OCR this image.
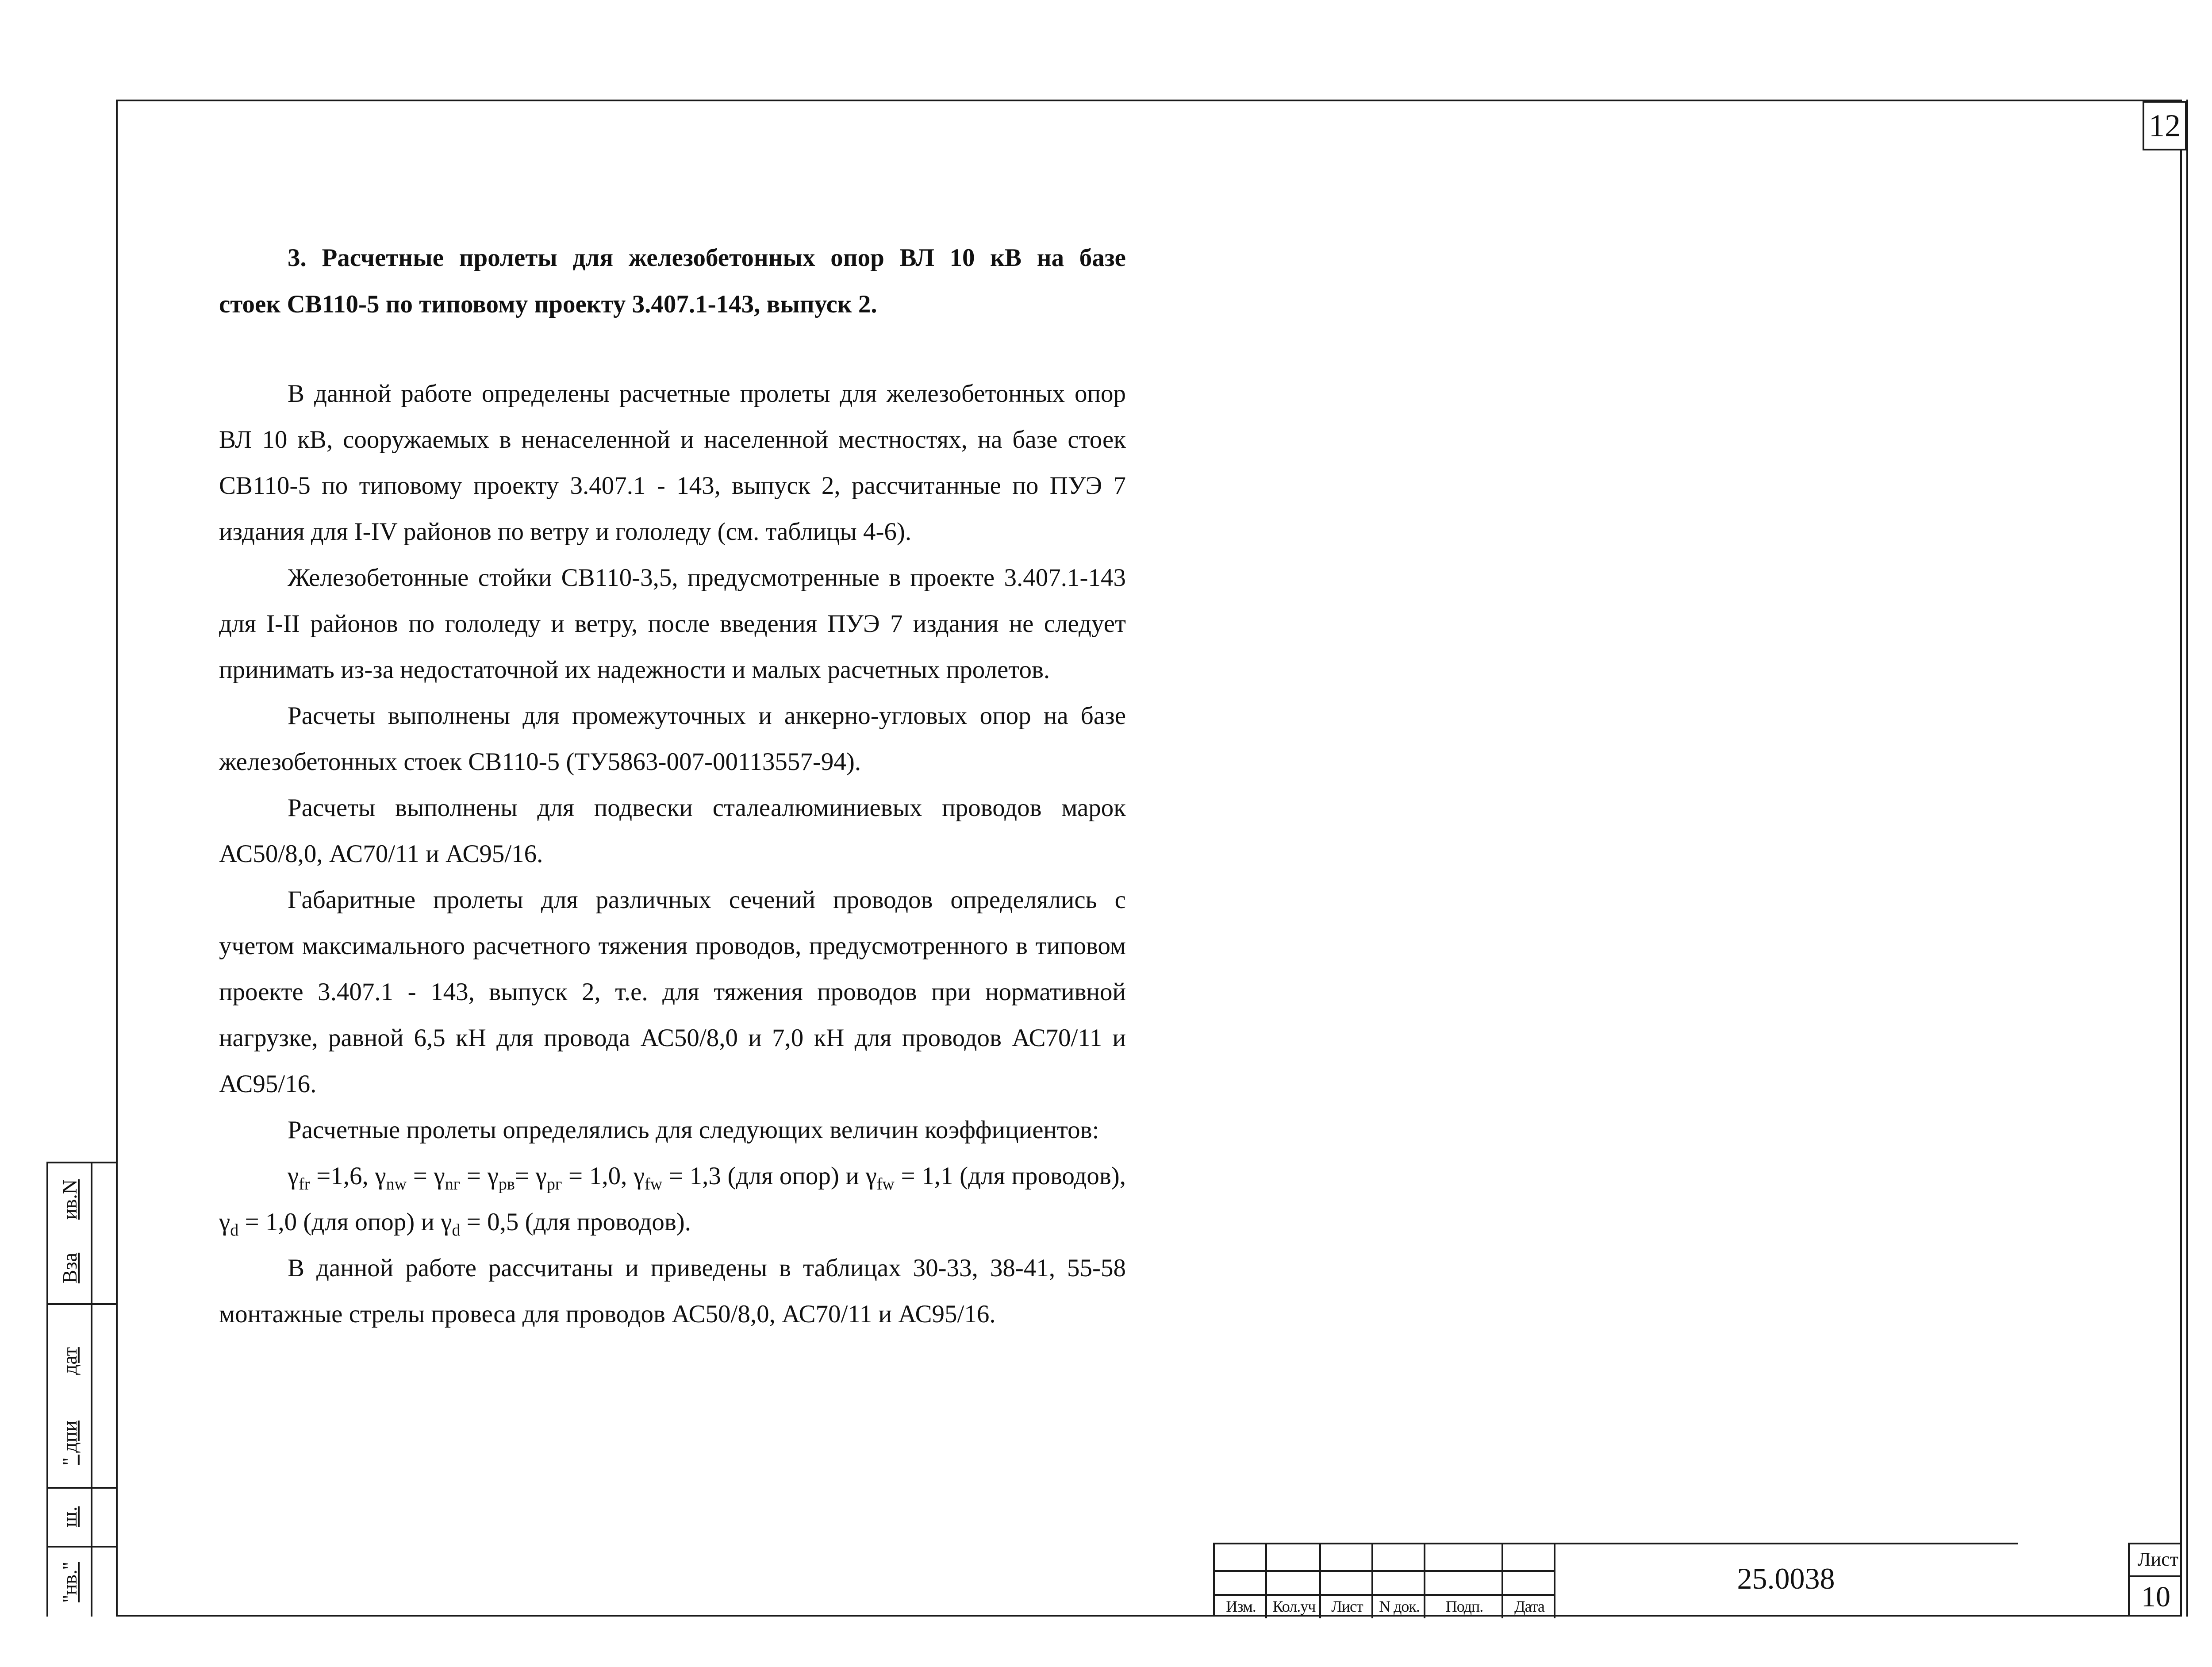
12
3. Расчетные пролеты для железобетонных опор ВЛ 10 кВ на базе
стоек СВ110-5 по типовому проекту 3.407.1-143, выпуск 2.

В данной работе определены расчетные пролеты для железобетонных опор ВЛ 10 кВ, сооружаемых в ненаселенной и населенной местностях, на базе стоек СВ110-5 по типовому проекту 3.407.1 - 143, выпуск 2, рассчитанные по ПУЭ 7 издания для I-IV районов по ветру и гололеду (см. таблицы 4-6).

Железобетонные стойки СВ110-3,5, предусмотренные в проекте 3.407.1-143 для I-II районов по гололеду и ветру, после введения ПУЭ 7 издания не следует принимать из-за недостаточной их надежности и малых расчетных пролетов.

Расчеты выполнены для промежуточных и анкерно-угловых опор на базе железобетонных стоек СВ110-5 (ТУ5863-007-00113557-94).

Расчеты выполнены для подвески сталеалюминиевых проводов марок АС50/8,0, АС70/11 и АС95/16.

Габаритные пролеты для различных сечений проводов определялись с учетом максимального расчетного тяжения проводов, предусмотренного в типовом проекте 3.407.1 - 143, выпуск 2, т.е. для тяжения проводов при нормативной нагрузке, равной 6,5 кН для провода АС50/8,0 и 7,0 кН для проводов АС70/11 и АС95/16.

Расчетные пролеты определялись для следующих величин коэффициентов:

$\gamma_{fr} =1,6$, $\gamma_{nw} = \gamma_{nг} = \gamma_{рв}= \gamma_{рг} = 1,0$, $\gamma_{fw} = 1,3$ (для опор) и $\gamma_{fw} = 1,1$ (для проводов), $\gamma_d = 1,0$ (для опор) и $\gamma_d = 0,5$ (для проводов).

В данной работе рассчитаны и приведены в таблицах 30-33, 38-41, 55-58 монтажные стрелы провеса для проводов АС50/8,0, АС70/11 и АС95/16.

ив.N
Взa
дат
'' дпи
ш.
''нв.''
Изм.	Кол.уч Лист	N док.	Подп.	Дата
25.0038
Лист
10
